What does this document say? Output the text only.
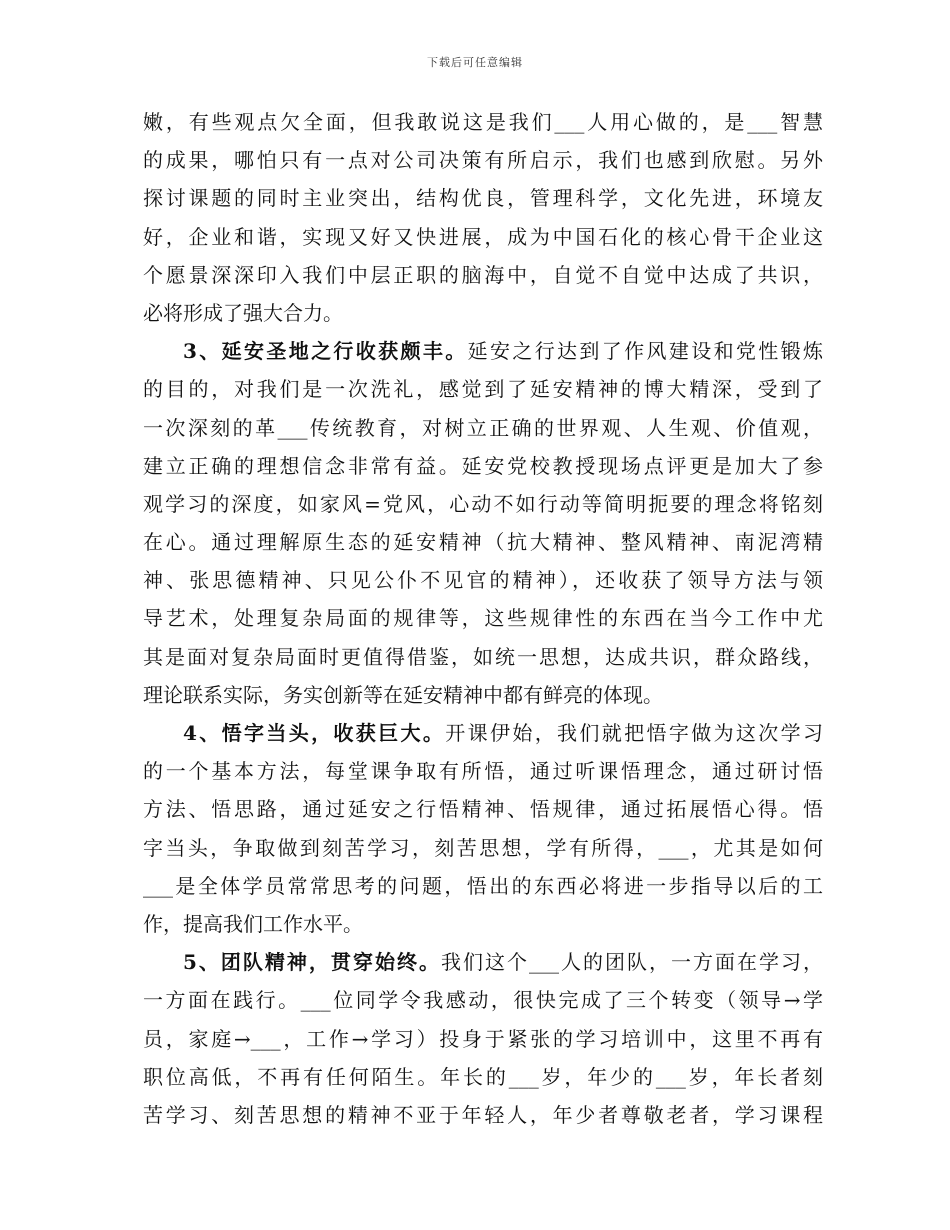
下载后可任意编辑
嫩，有些观点欠全面，但我敢说这是我们___人用心做的，是___智慧
的成果，哪怕只有一点对公司决策有所启示，我们也感到欣慰。另外
探讨课题的同时主业突出，结构优良，管理科学，文化先进，环境友
好，企业和谐，实现又好又快进展，成为中国石化的核心骨干企业这
个愿景深深印入我们中层正职的脑海中，自觉不自觉中达成了共识，
必将形成了强大合力。
3、延安圣地之行收获颇丰。延安之行达到了作风建设和党性锻炼
的目的，对我们是一次洗礼，感觉到了延安精神的博大精深，受到了
一次深刻的革___传统教育，对树立正确的世界观、人生观、价值观，
建立正确的理想信念非常有益。延安党校教授现场点评更是加大了参
观学习的深度，如家风=党风，心动不如行动等简明扼要的理念将铭刻
在心。通过理解原生态的延安精神（抗大精神、整风精神、南泥湾精
神、张思德精神、只见公仆不见官的精神），还收获了领导方法与领
导艺术，处理复杂局面的规律等，这些规律性的东西在当今工作中尤
其是面对复杂局面时更值得借鉴，如统一思想，达成共识，群众路线，
理论联系实际，务实创新等在延安精神中都有鲜亮的体现。
4、悟字当头，收获巨大。开课伊始，我们就把悟字做为这次学习
的一个基本方法，每堂课争取有所悟，通过听课悟理念，通过研讨悟
方法、悟思路，通过延安之行悟精神、悟规律，通过拓展悟心得。悟
字当头，争取做到刻苦学习，刻苦思想，学有所得，___，尤其是如何
___是全体学员常常思考的问题，悟出的东西必将进一步指导以后的工
作，提高我们工作水平。
5、团队精神，贯穿始终。我们这个___人的团队，一方面在学习，
一方面在践行。___位同学令我感动，很快完成了三个转变（领导→学
员，家庭→___，工作→学习）投身于紧张的学习培训中，这里不再有
职位高低，不再有任何陌生。年长的___岁，年少的___岁，年长者刻
苦学习、刻苦思想的精神不亚于年轻人，年少者尊敬老者，学习课程
